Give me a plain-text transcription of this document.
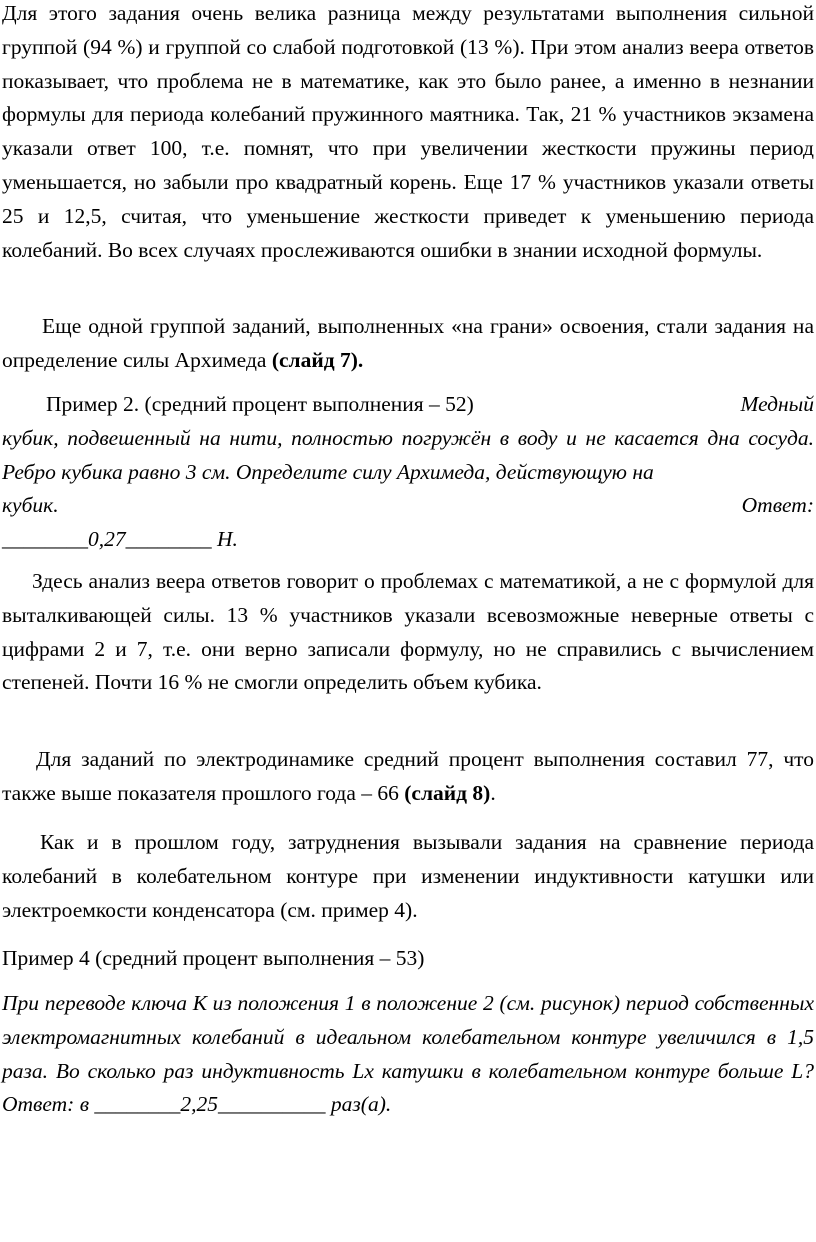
Для этого задания очень велика разница между результатами выполнения сильной группой (94 %) и группой со слабой подготовкой (13 %). При этом анализ веера ответов показывает, что проблема не в математике, как это было ранее, а именно в незнании формулы для периода колебаний пружинного маятника. Так, 21 % участников экзамена указали ответ 100, т.е. помнят, что при увеличении жесткости пружины период уменьшается, но забыли про квадратный корень. Еще 17 % участников указали ответы 25 и 12,5, считая, что уменьшение жесткости приведет к уменьшению периода колебаний. Во всех случаях прослеживаются ошибки в знании исходной формулы.

Еще одной группой заданий, выполненных «на грани» освоения, стали задания на определение силы Архимеда (слайд 7).

Пример 2. (средний процент выполнения – 52)	Медный
кубик, подвешенный на нити, полностью погружён в воду и не касается дна сосуда. Ребро кубика равно 3 см. Определите силу Архимеда, действующую на
кубик.	Ответ:
________0,27________ Н.

Здесь анализ веера ответов говорит о проблемах с математикой, а не с формулой для выталкивающей силы. 13 % участников указали всевозможные неверные ответы с цифрами 2 и 7, т.е. они верно записали формулу, но не справились с вычислением степеней. Почти 16 % не смогли определить объем кубика.

Для заданий по электродинамике средний процент выполнения составил 77, что также выше показателя прошлого года – 66 (слайд 8).

Как и в прошлом году, затруднения вызывали задания на сравнение периода колебаний в колебательном контуре при изменении индуктивности катушки или электроемкости конденсатора (см. пример 4).

Пример 4 (средний процент выполнения – 53)

При переводе ключа К из положения 1 в положение 2 (см. рисунок) период собственных электромагнитных колебаний в идеальном колебательном контуре увеличился в 1,5 раза. Во сколько раз индуктивность Lx катушки в колебательном контуре больше L? Ответ: в ________2,25__________ раз(а).
